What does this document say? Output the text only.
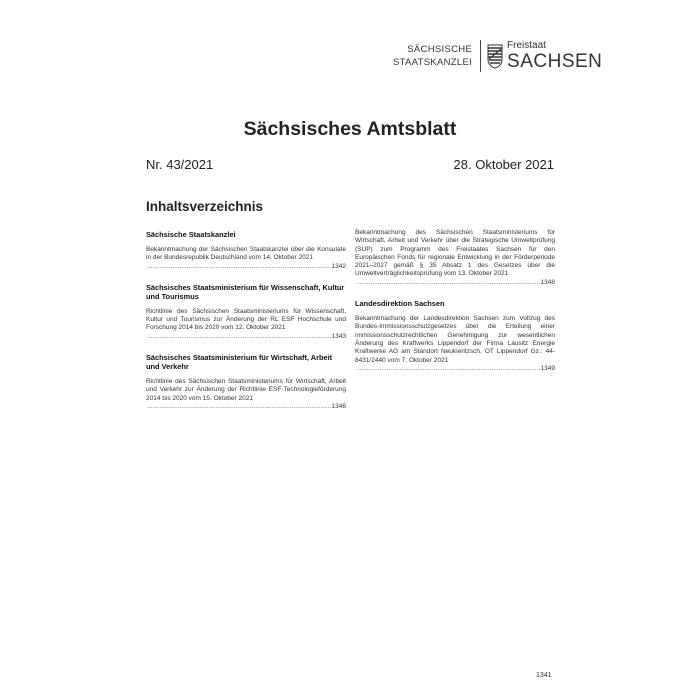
SÄCHSISCHE
STAATSKANZLEI
Freistaat
SACHSEN
Sächsisches Amtsblatt
Nr. 43/2021	28. Oktober 2021
Inhaltsverzeichnis
Sächsische Staatskanzlei
Bekanntmachung der Sächsischen Staatskanzlei über die Konsulate in der Bundesrepublik Deutschland vom 14. Oktober 2021
.....
1342
Sächsisches Staatsministerium für Wissenschaft, Kultur und Tourismus
Richtlinie des Sächsischen Staatsministeriums für Wissenschaft, Kultur und Tourismus zur Änderung der RL ESF Hochschule und Forschung 2014 bis 2020 vom 12. Oktober 2021
.....
1343
Sächsisches Staatsministerium für Wirtschaft, Arbeit und Verkehr
Richtlinie des Sächsischen Staatsministeriums für Wirtschaft, Arbeit und Verkehr zur Änderung der Richtlinie ESF-Technologieförderung 2014 bis 2020 vom 15. Oktober 2021
.....
1346
Bekanntmachung des Sächsischen Staatsministeriums für Wirtschaft, Arbeit und Verkehr über die Strategische Umweltprüfung (SUP) zum Programm des Freistaates Sachsen für den Europäischen Fonds für regionale Entwicklung in der Förderperiode 2021–2027 gemäß § 35 Absatz 1 des Gesetzes über die Umweltverträglichkeitsprüfung vom 13. Oktober 2021
.....
1348
Landesdirektion Sachsen
Bekanntmachung der Landesdirektion Sachsen zum Vollzug des Bundes-Immissionsschutzgesetzes über die Erteilung einer immissionsschutzrechtlichen Genehmigung zur wesentlichen Änderung des Kraftwerks Lippendorf der Firma Lausitz Energie Kraftwerke AG am Standort Neukieritzsch, OT Lippendorf Gz.: 44-8431/2440 vom 7. Oktober 2021
.....
1349
1341
